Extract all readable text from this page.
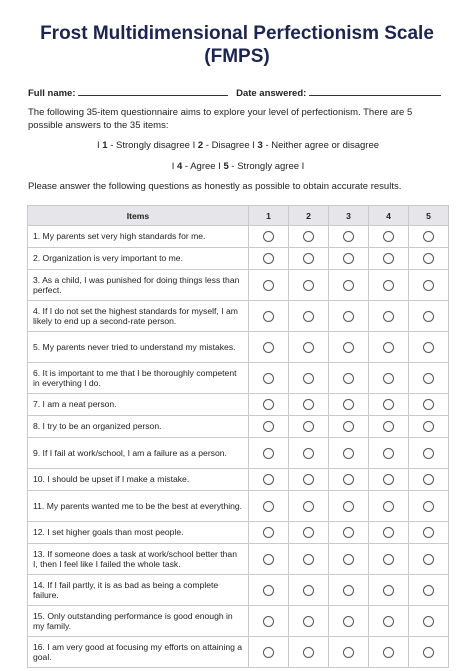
Frost Multidimensional Perfectionism Scale
(FMPS)
Full name:	Date answered:
The following 35-item questionnaire aims to explore your level of perfectionism. There are 5 possible answers to the 35 items:
I 1 - Strongly disagree I 2 - Disagree I 3 - Neither agree or disagree
I 4 - Agree I 5 - Strongly agree I
Please answer the following questions as honestly as possible to obtain accurate results.
Items	1	2	3	4	5
1. My parents set very high standards for me.					
2. Organization is very important to me.					
3. As a child, I was punished for doing things less than perfect.					
4. If I do not set the highest standards for myself, I am likely to end up a second-rate person.					
5. My parents never tried to understand my mistakes.					
6. It is important to me that I be thoroughly competent in everything I do.					
7. I am a neat person.					
8. I try to be an organized person.					
9. If I fail at work/school, I am a failure as a person.					
10. I should be upset if I make a mistake.					
11. My parents wanted me to be the best at everything.					
12. I set higher goals than most people.					
13. If someone does a task at work/school better than I, then I feel like I failed the whole task.					
14. If I fail partly, it is as bad as being a complete failure.					
15. Only outstanding performance is good enough in my family.					
16. I am very good at focusing my efforts on attaining a goal.					
